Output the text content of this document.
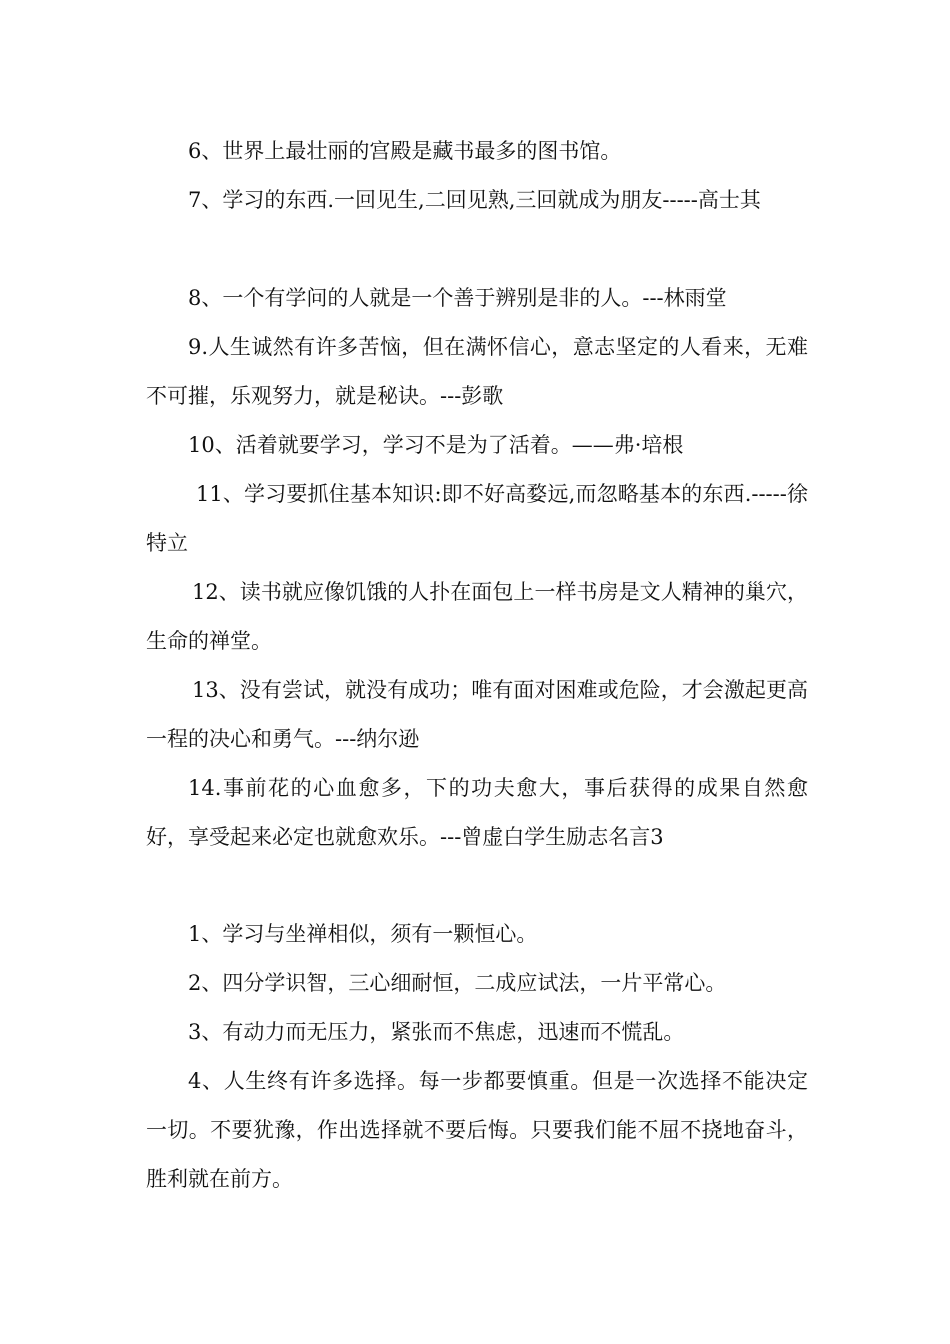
6、世界上最壮丽的宫殿是藏书最多的图书馆。

7、学习的东西.一回见生,二回见熟,三回就成为朋友-----高士其

8、一个有学问的人就是一个善于辨别是非的人。---林雨堂

9.人生诚然有许多苦恼，但在满怀信心，意志坚定的人看来，无难不可摧，乐观努力，就是秘诀。---彭歌

10、活着就要学习，学习不是为了活着。——弗·培根

11、学习要抓住基本知识:即不好高婺远,而忽略基本的东西.-----徐特立

12、读书就应像饥饿的人扑在面包上一样书房是文人精神的巢穴，生命的禅堂。

13、没有尝试，就没有成功；唯有面对困难或危险，才会激起更高一程的决心和勇气。---纳尔逊

14.事前花的心血愈多，下的功夫愈大，事后获得的成果自然愈好，享受起来必定也就愈欢乐。---曾虚白学生励志名言3

1、学习与坐禅相似，须有一颗恒心。

2、四分学识智，三心细耐恒，二成应试法，一片平常心。

3、有动力而无压力，紧张而不焦虑，迅速而不慌乱。

4、人生终有许多选择。每一步都要慎重。但是一次选择不能决定一切。不要犹豫，作出选择就不要后悔。只要我们能不屈不挠地奋斗，胜利就在前方。
